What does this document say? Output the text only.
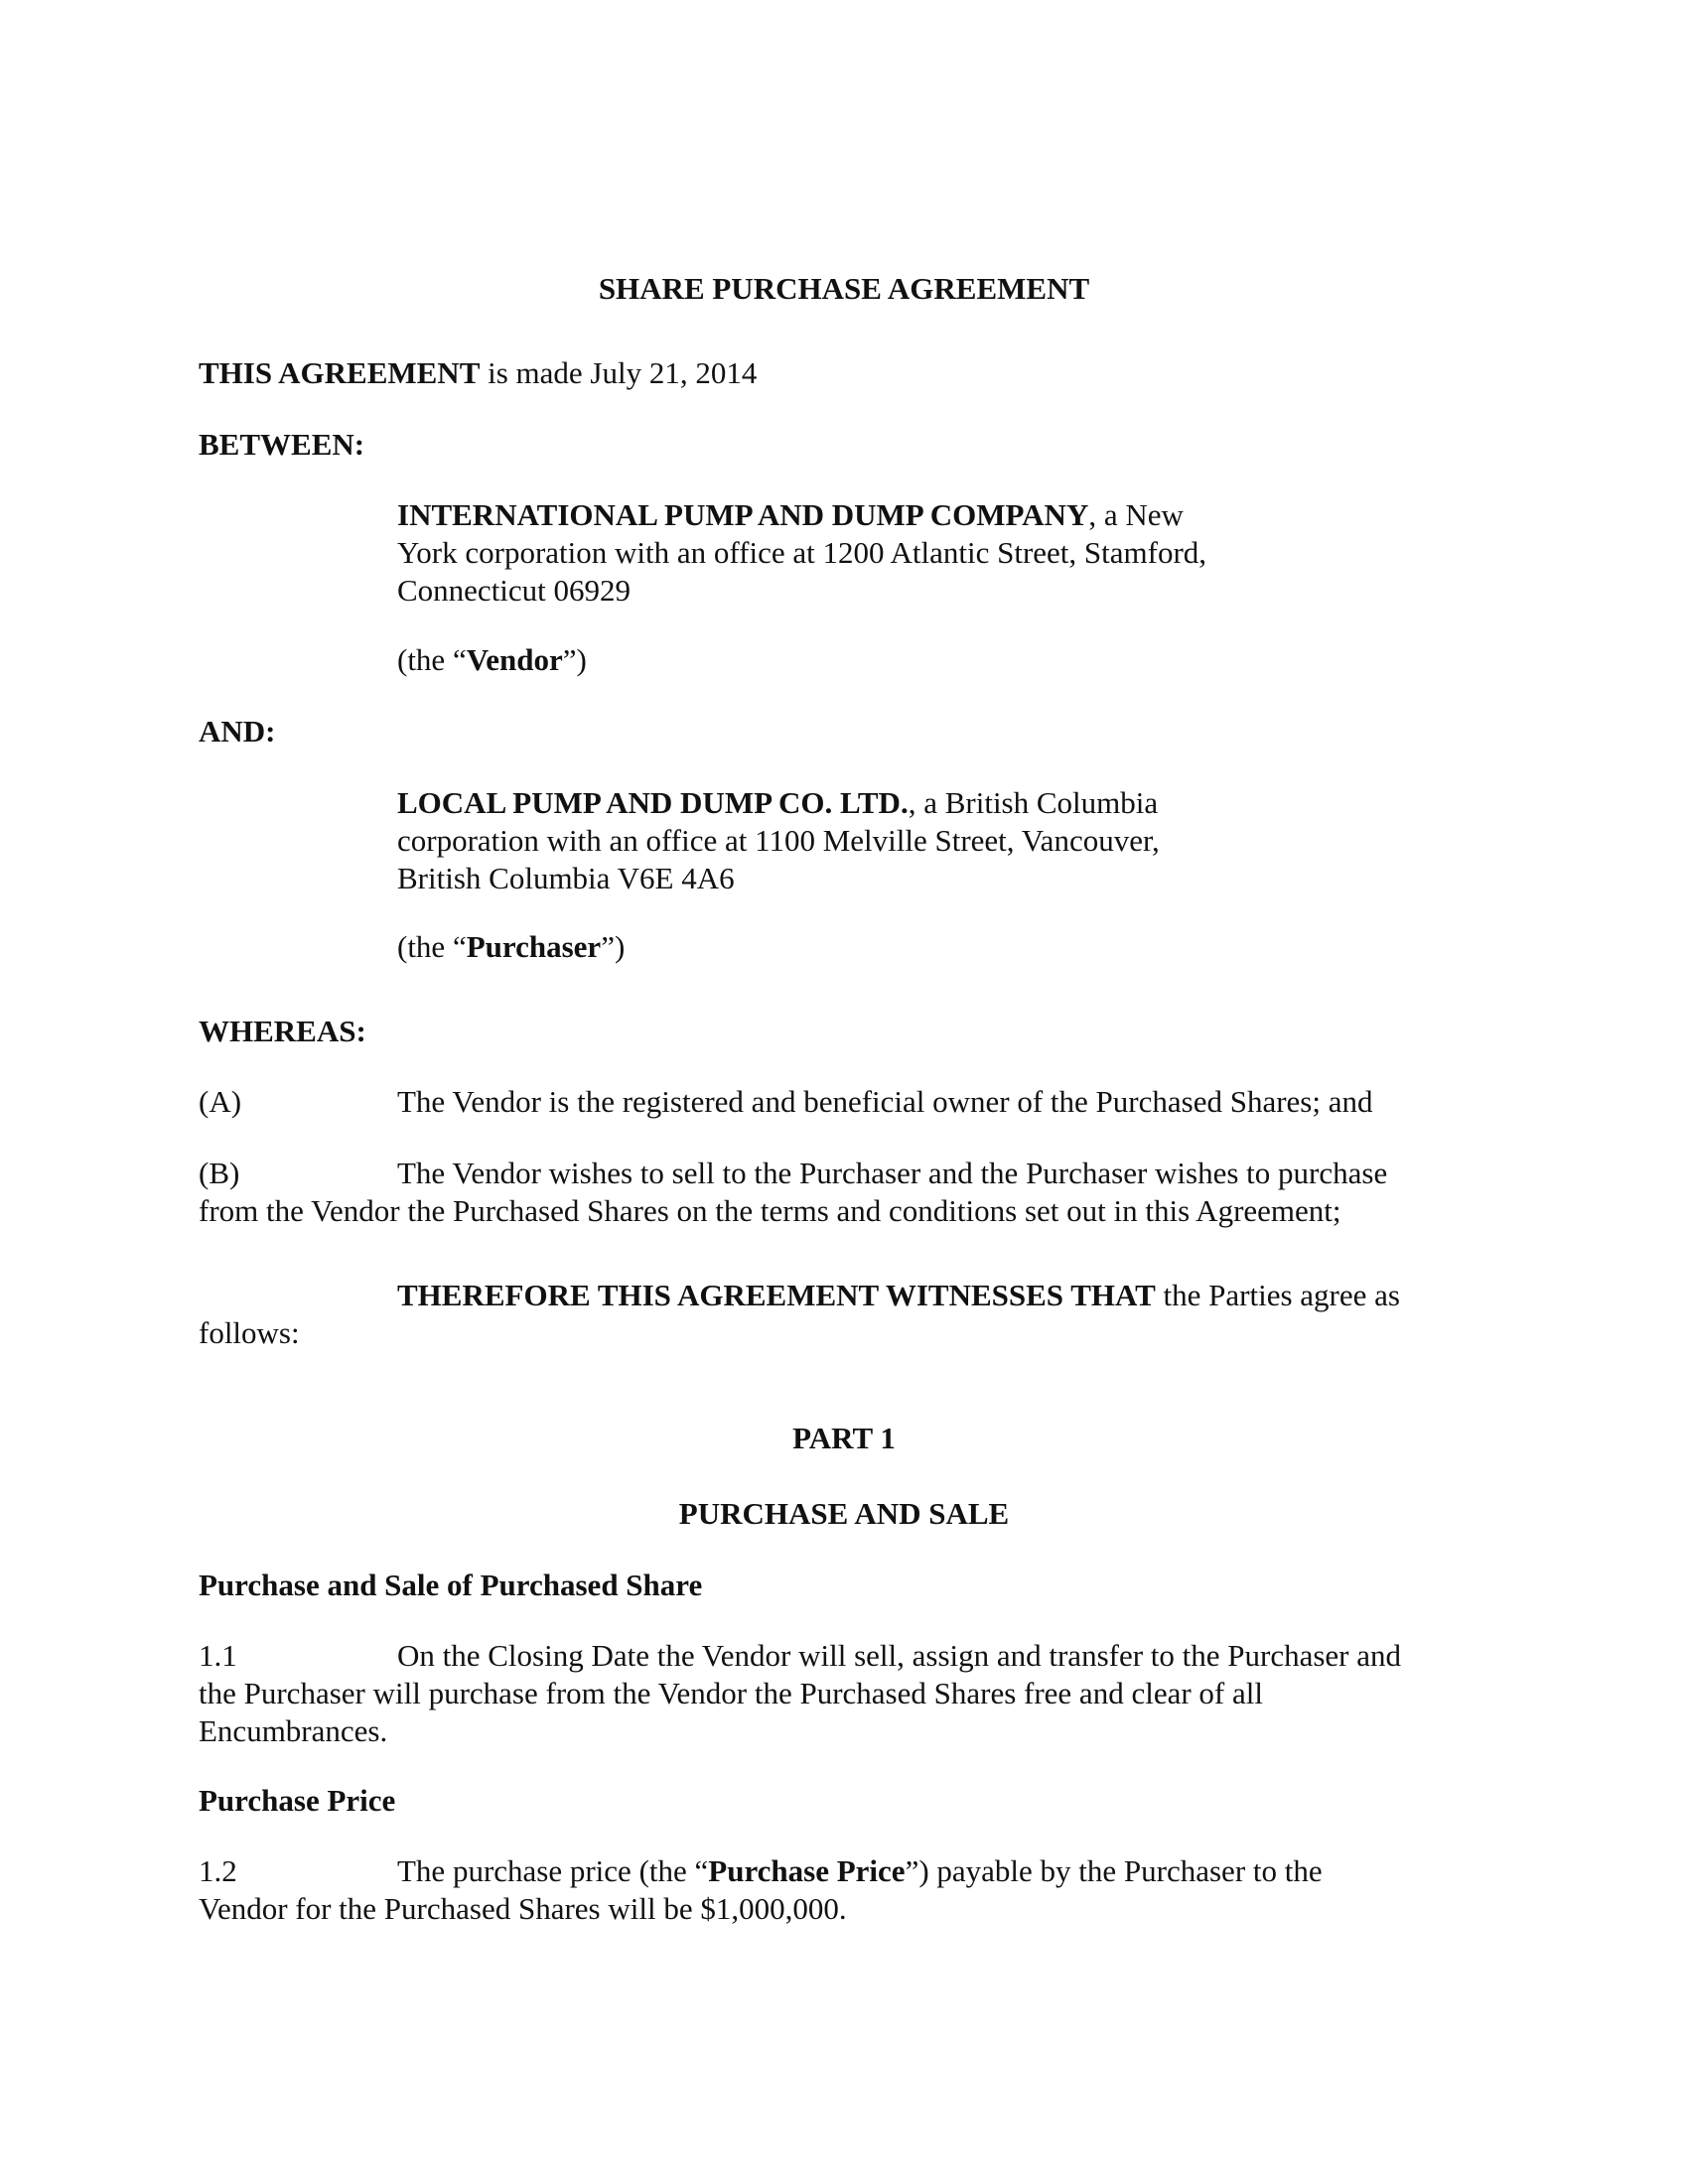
SHARE PURCHASE AGREEMENT
THIS AGREEMENT is made July 21, 2014
BETWEEN:
INTERNATIONAL PUMP AND DUMP COMPANY, a New
York corporation with an office at 1200 Atlantic Street, Stamford,
Connecticut 06929
(the “Vendor”)
AND:
LOCAL PUMP AND DUMP CO. LTD., a British Columbia
corporation with an office at 1100 Melville Street, Vancouver,
British Columbia V6E 4A6
(the “Purchaser”)
WHEREAS:
(A)	The Vendor is the registered and beneficial owner of the Purchased Shares; and
(B)	The Vendor wishes to sell to the Purchaser and the Purchaser wishes to purchase
from the Vendor the Purchased Shares on the terms and conditions set out in this Agreement;
THEREFORE THIS AGREEMENT WITNESSES THAT the Parties agree as
follows:
PART 1
PURCHASE AND SALE
Purchase and Sale of Purchased Share
1.1	On the Closing Date the Vendor will sell, assign and transfer to the Purchaser and
the Purchaser will purchase from the Vendor the Purchased Shares free and clear of all
Encumbrances.
Purchase Price
1.2	The purchase price (the “Purchase Price”) payable by the Purchaser to the
Vendor for the Purchased Shares will be $1,000,000.
